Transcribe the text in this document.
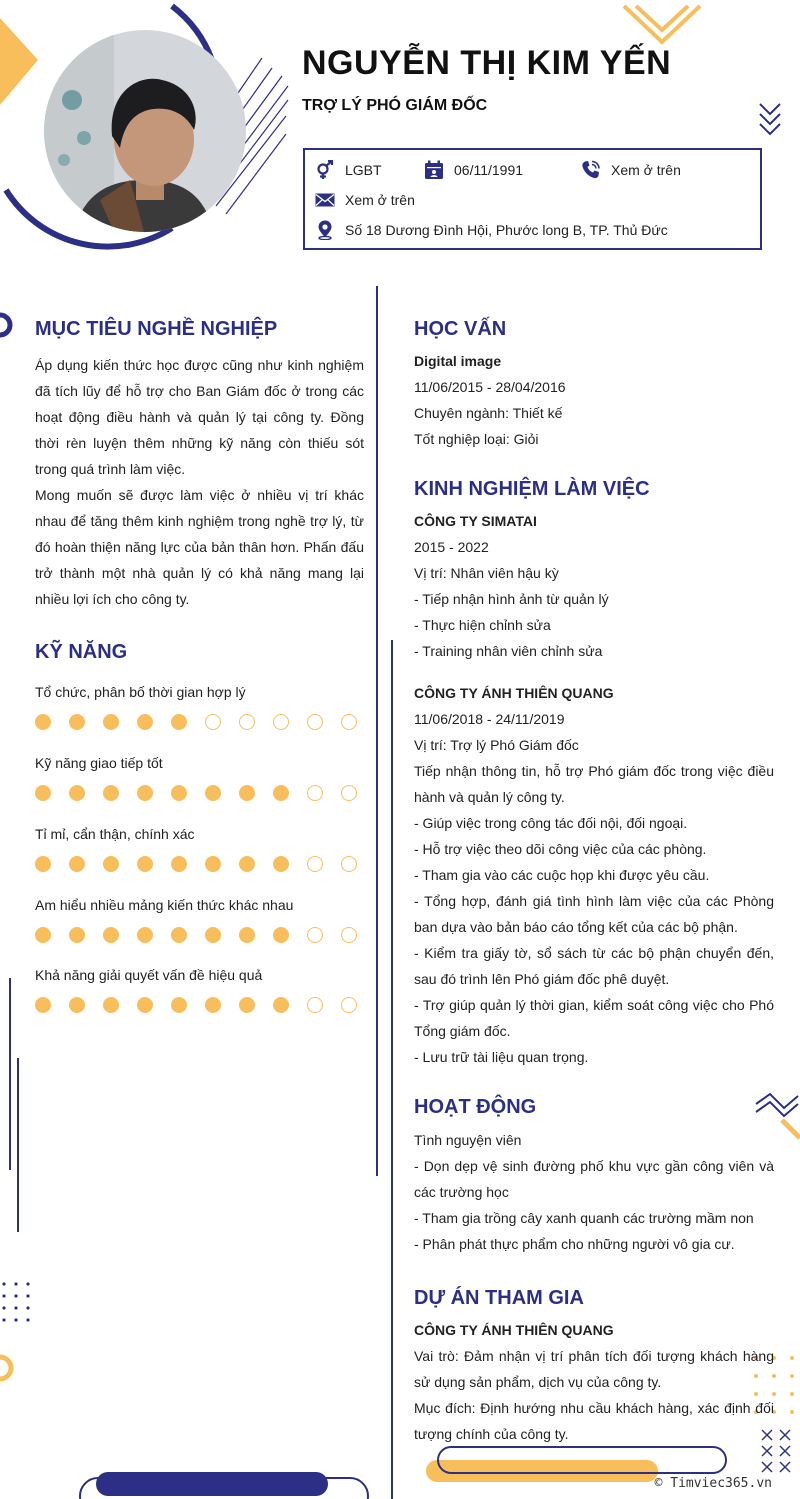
NGUYỄN THỊ KIM YẾN
TRỢ LÝ PHÓ GIÁM ĐỐC
LGBT	06/11/1991	Xem ở trên
Xem ở trên
Số 18 Dương Đình Hội, Phước long B, TP. Thủ Đức
MỤC TIÊU NGHỀ NGHIỆP

Áp dụng kiến thức học được cũng như kinh nghiệm đã tích lũy để hỗ trợ cho Ban Giám đốc ở trong các hoạt động điều hành và quản lý tại công ty. Đồng thời rèn luyện thêm những kỹ năng còn thiếu sót trong quá trình làm việc.

Mong muốn sẽ được làm việc ở nhiều vị trí khác nhau để tăng thêm kinh nghiệm trong nghề trợ lý, từ đó hoàn thiện năng lực của bản thân hơn. Phấn đấu trở thành một nhà quản lý có khả năng mang lại nhiều lợi ích cho công ty.

KỸ NĂNG
Tổ chức, phân bố thời gian hợp lý
Kỹ năng giao tiếp tốt
Tỉ mỉ, cẩn thận, chính xác
Am hiểu nhiều mảng kiến thức khác nhau
Khả năng giải quyết vấn đề hiệu quả
HỌC VẤN
Digital image
11/06/2015 - 28/04/2016
Chuyên ngành: Thiết kế
Tốt nghiệp loại: Giỏi
KINH NGHIỆM LÀM VIỆC
CÔNG TY SIMATAI
2015 - 2022
Vị trí: Nhân viên hậu kỳ
- Tiếp nhận hình ảnh từ quản lý
- Thực hiện chỉnh sửa
- Training nhân viên chỉnh sửa
CÔNG TY ÁNH THIÊN QUANG
11/06/2018 - 24/11/2019
Vị trí: Trợ lý Phó Giám đốc
Tiếp nhận thông tin, hỗ trợ Phó giám đốc trong việc điều hành và quản lý công ty.
- Giúp việc trong công tác đối nội, đối ngoại.
- Hỗ trợ việc theo dõi công việc của các phòng.
- Tham gia vào các cuộc họp khi được yêu cầu.
- Tổng hợp, đánh giá tình hình làm việc của các Phòng ban dựa vào bản báo cáo tổng kết của các bộ phận.
- Kiểm tra giấy tờ, sổ sách từ các bộ phận chuyển đến, sau đó trình lên Phó giám đốc phê duyệt.
- Trợ giúp quản lý thời gian, kiểm soát công việc cho Phó Tổng giám đốc.
- Lưu trữ tài liệu quan trọng.
HOẠT ĐỘNG
Tình nguyện viên
- Dọn dẹp vệ sinh đường phố khu vực gần công viên và các trường học
- Tham gia trồng cây xanh quanh các trường mầm non
- Phân phát thực phẩm cho những người vô gia cư.
DỰ ÁN THAM GIA
CÔNG TY ÁNH THIÊN QUANG
Vai trò: Đảm nhận vị trí phân tích đối tượng khách hàng sử dụng sản phẩm, dịch vụ của công ty.
Mục đích: Định hướng nhu cầu khách hàng, xác định đối tượng chính của công ty.
© Timviec365.vn
